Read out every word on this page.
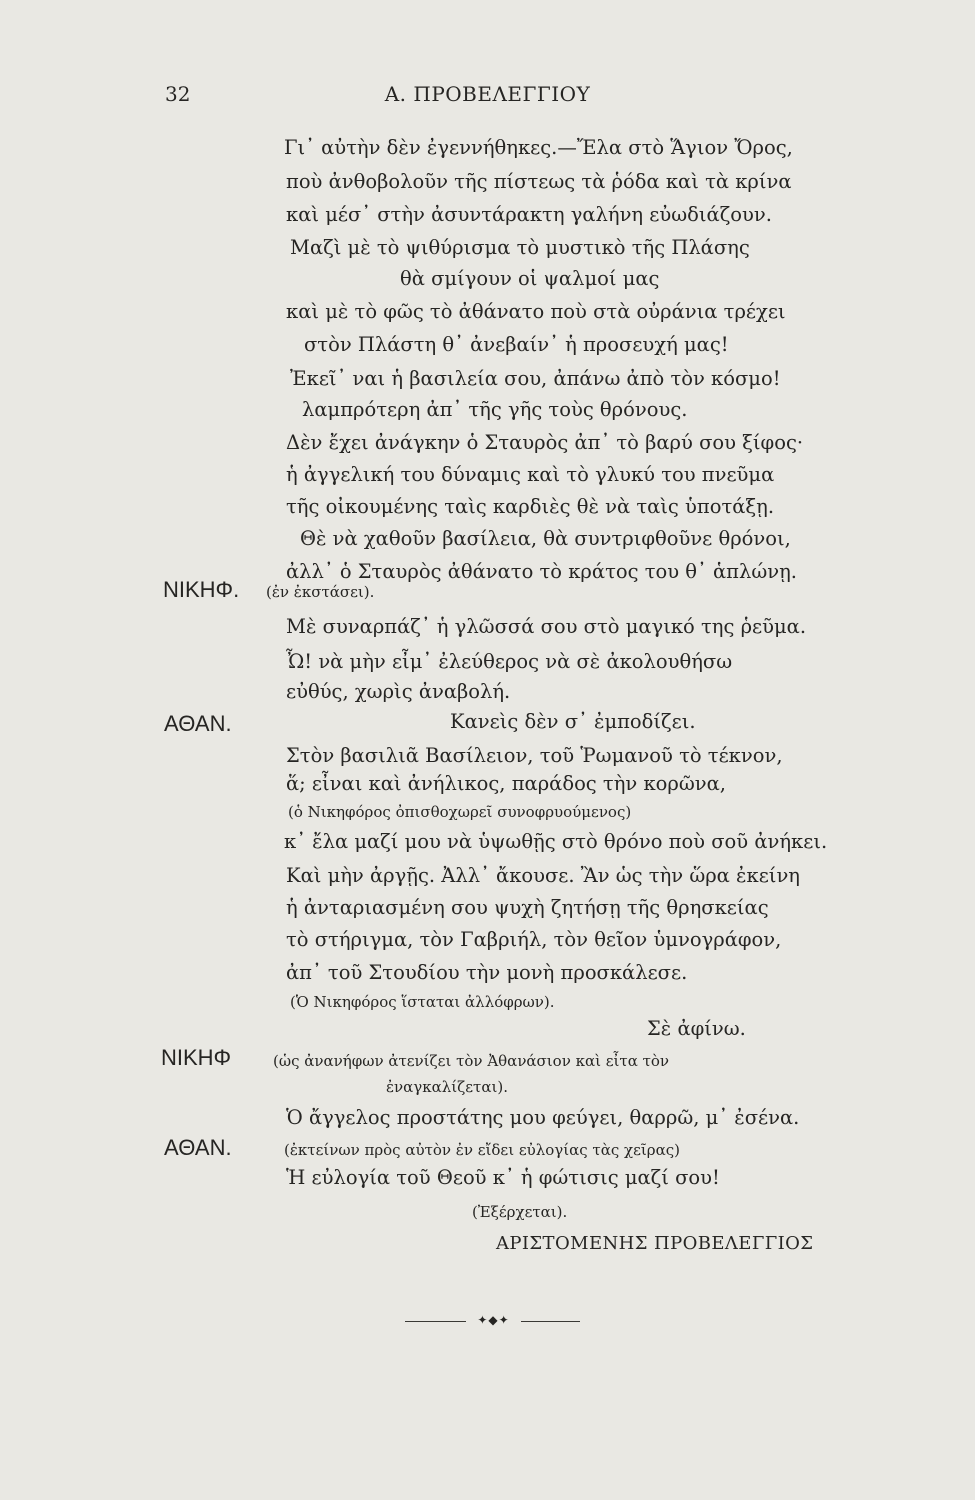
32	Α. ΠΡΟΒΕΛΕΓΓΙΟΥ
ΝΙΚΗΦ.
ΑΘΑΝ.
ΝΙΚΗΦ
ΑΘΑΝ.
Γι᾽ αὐτὴν δὲν ἐγεννήθηκες.—Ἔλα στὸ Ἅγιον Ὄρος,
ποὺ ἀνθοβολοῦν τῆς πίστεως τὰ ῥόδα καὶ τὰ κρίνα
καὶ μέσ᾽ στὴν ἀσυντάρακτη γαλήνη εὐωδιάζουν.
Μαζὶ μὲ τὸ ψιθύρισμα τὸ μυστικὸ τῆς Πλάσης
θὰ σμίγουν οἱ ψαλμοί μας
καὶ μὲ τὸ φῶς τὸ ἀθάνατο ποὺ στὰ οὐράνια τρέχει
στὸν Πλάστη θ᾽ ἀνεβαίν᾽ ἡ προσευχή μας!
Ἐκεῖ᾽ ναι ἡ βασιλεία σου, ἀπάνω ἀπὸ τὸν κόσμο!
λαμπρότερη ἀπ᾽ τῆς γῆς τοὺς θρόνους.
Δὲν ἔχει ἀνάγκην ὁ Σταυρὸς ἀπ᾽ τὸ βαρύ σου ξίφος·
ἡ ἀγγελική του δύναμις καὶ τὸ γλυκύ του πνεῦμα
τῆς οἰκουμένης ταὶς καρδιὲς θὲ νὰ ταὶς ὑποτάξῃ.
Θὲ νὰ χαθοῦν βασίλεια, θὰ συντριφθοῦνε θρόνοι,
ἀλλ᾽ ὁ Σταυρὸς ἀθάνατο τὸ κράτος του θ᾽ ἁπλώνῃ.
(ἐν ἐκστάσει).
Μὲ συναρπάζ᾽ ἡ γλῶσσά σου στὸ μαγικό της ῥεῦμα.
Ὦ! νὰ μὴν εἶμ᾽ ἐλεύθερος νὰ σὲ ἀκολουθήσω
εὐθύς, χωρὶς ἀναβολή.
Κανεὶς δὲν σ᾽ ἐμποδίζει.
Στὸν βασιλιᾶ Βασίλειον, τοῦ Ῥωμανοῦ τὸ τέκνον,
ἅ; εἶναι καὶ ἀνήλικος, παράδος τὴν κορῶνα,
(ὁ Νικηφόρος ὀπισθοχωρεῖ συνοφρυούμενος)
κ᾽ ἔλα μαζί μου νὰ ὑψωθῇς στὸ θρόνο ποὺ σοῦ ἀνήκει.
Καὶ μὴν ἀργῇς. Ἀλλ᾽ ἄκουσε. Ἂν ὡς τὴν ὥρα ἐκείνη
ἡ ἀνταριασμένη σου ψυχὴ ζητήσῃ τῆς θρησκείας
τὸ στήριγμα, τὸν Γαβριήλ, τὸν θεῖον ὑμνογράφον,
ἀπ᾽ τοῦ Στουδίου τὴν μονὴ προσκάλεσε.
(Ὁ Νικηφόρος ἵσταται ἀλλόφρων).
Σὲ ἀφίνω.
(ὡς ἀνανήφων ἀτενίζει τὸν Ἀθανάσιον καὶ εἶτα τὸν
ἐναγκαλίζεται).
Ὁ ἄγγελος προστάτης μου φεύγει, θαρρῶ, μ᾽ ἐσένα.
(ἐκτείνων πρὸς αὐτὸν ἐν εἴδει εὐλογίας τὰς χεῖρας)
Ἡ εὐλογία τοῦ Θεοῦ κ᾽ ἡ φώτισις μαζί σου!
(Ἐξέρχεται).
ΑΡΙΣΤΟΜΕΝΗΣ ΠΡΟΒΕΛΕΓΓΙΟΣ
✦◆✦
